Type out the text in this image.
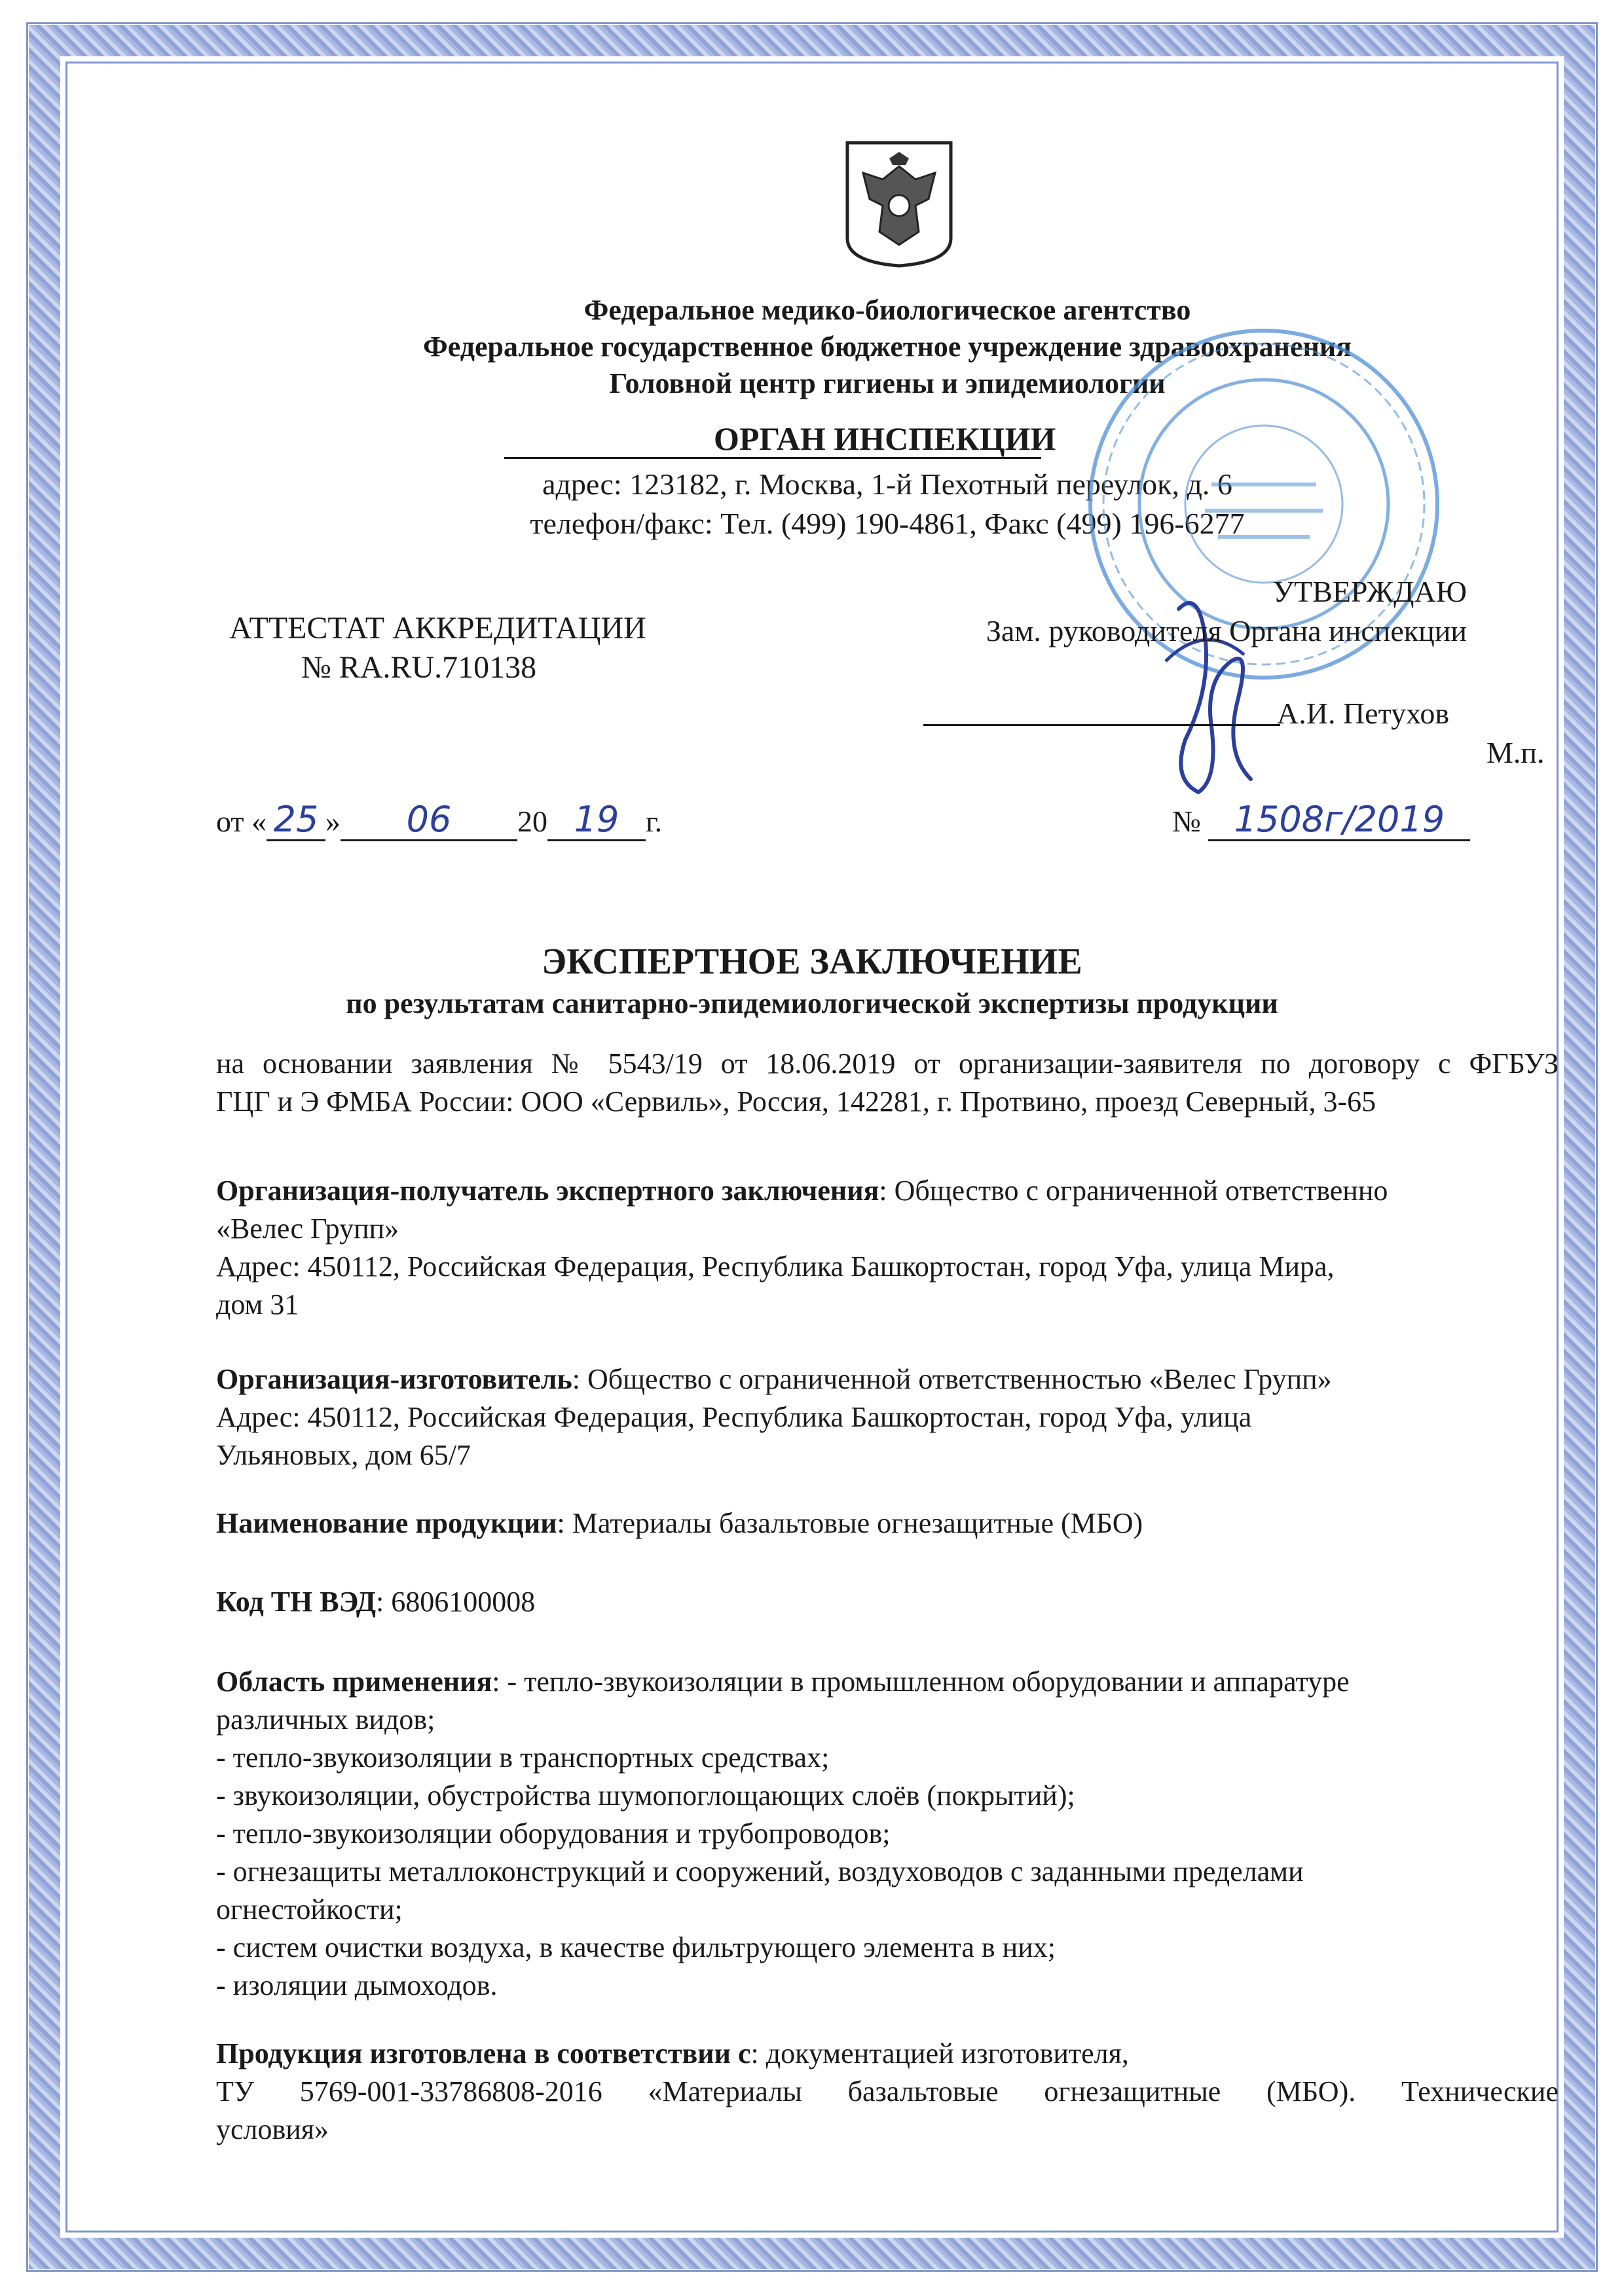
Федеральное медико-биологическое агентство
Федеральное государственное бюджетное учреждение здравоохранения
Головной центр гигиены и эпидемиологии
ОРГАН ИНСПЕКЦИИ
адрес: 123182, г. Москва, 1-й Пехотный переулок, д. 6
телефон/факс: Тел. (499) 190-4861, Факс (499) 196-6277
УТВЕРЖДАЮ
Зам. руководителя Органа инспекции
А.И. Петухов
М.п.
АТТЕСТАТ АККРЕДИТАЦИИ
№ RA.RU.710138
от « 25 » 06 20 19 г.	№ 1508г/2019
ЭКСПЕРТНОЕ ЗАКЛЮЧЕНИЕ
по результатам санитарно-эпидемиологической экспертизы продукции
на основании заявления № 5543/19 от 18.06.2019 от организации-заявителя по договору с ФГБУЗ
ГЦГ и Э ФМБА России: ООО «Сервиль», Россия, 142281, г. Протвино, проезд Северный, 3-65
Организация-получатель экспертного заключения: Общество с ограниченной ответственно
«Велес Групп»
Адрес: 450112, Российская Федерация, Республика Башкортостан, город Уфа, улица Мира,
дом 31
Организация-изготовитель: Общество с ограниченной ответственностью «Велес Групп»
Адрес: 450112, Российская Федерация, Республика Башкортостан, город Уфа, улица
Ульяновых, дом 65/7
Наименование продукции: Материалы базальтовые огнезащитные (МБО)
Код ТН ВЭД: 6806100008
Область применения: - тепло-звукоизоляции в промышленном оборудовании и аппаратуре
различных видов;
- тепло-звукоизоляции в транспортных средствах;
- звукоизоляции, обустройства шумопоглощающих слоёв (покрытий);
- тепло-звукоизоляции оборудования и трубопроводов;
- огнезащиты металлоконструкций и сооружений, воздуховодов с заданными пределами
огнестойкости;
- систем очистки воздуха, в качестве фильтрующего элемента в них;
- изоляции дымоходов.
Продукция изготовлена в соответствии с: документацией изготовителя,
ТУ 5769-001-33786808-2016 «Материалы базальтовые огнезащитные (МБО). Технические
условия»
